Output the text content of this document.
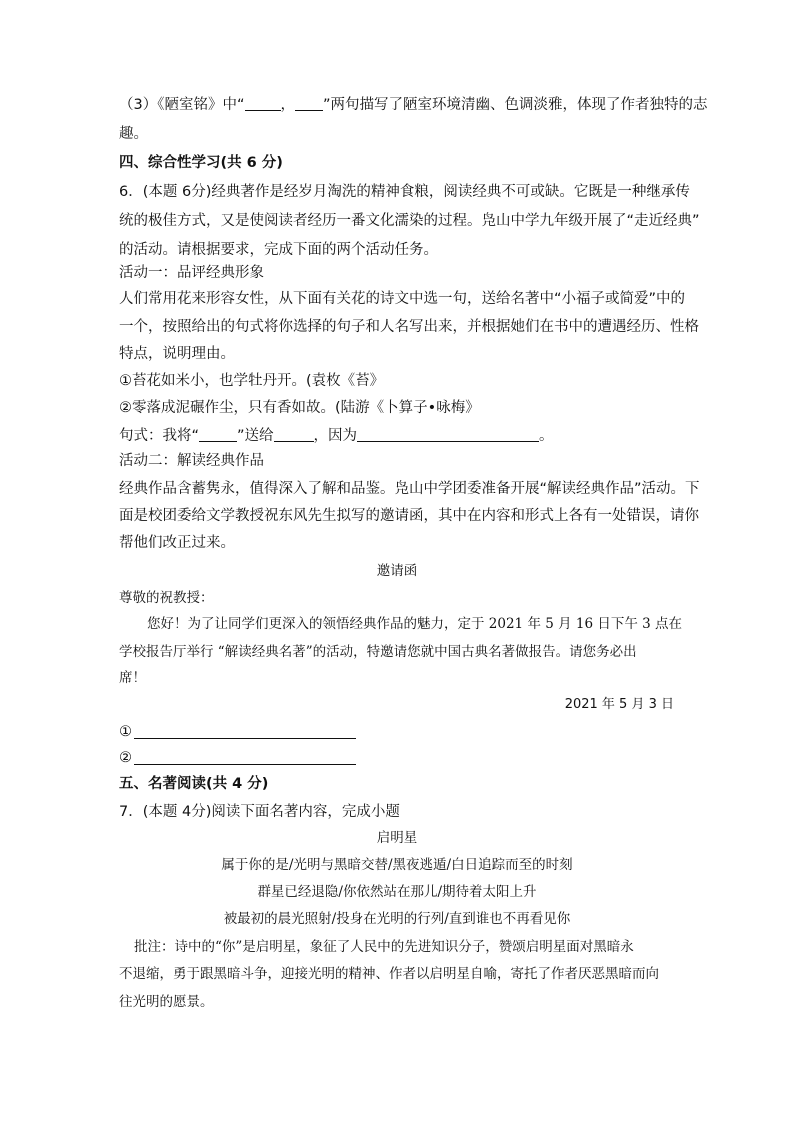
（3）《陋室铭》中“ ， ”两句描写了陋室环境清幽、色调淡雅，体现了作者独特的志
趣。
四、综合性学习(共 6 分)
6．(本题 6分)经典著作是经岁月淘洗的精神食粮，阅读经典不可或缺。它既是一种继承传
统的极佳方式，又是使阅读者经历一番文化濡染的过程。凫山中学九年级开展了“走近经典”
的活动。请根据要求，完成下面的两个活动任务。
活动一：品评经典形象
人们常用花来形容女性，从下面有关花的诗文中选一句，送给名著中“小福子或简爱”中的
一个，按照给出的句式将你选择的句子和人名写出来，并根据她们在书中的遭遇经历、性格
特点，说明理由。
①苔花如米小，也学牡丹开。(袁枚《苔》
②零落成泥碾作尘，只有香如故。(陆游《卜算子•咏梅》
句式：我将“	”送给	，因为	。
活动二：解读经典作品
经典作品含蓄隽永，值得深入了解和品鉴。凫山中学团委准备开展“解读经典作品”活动。下
面是校团委给文学教授祝东风先生拟写的邀请函，其中在内容和形式上各有一处错误，请你
帮他们改正过来。
邀请函
尊敬的祝教授：
您好！为了让同学们更深入的领悟经典作品的魅力，定于 2021 年 5 月 16 日下午 3 点在
学校报告厅举行 “解读经典名著”的活动，特邀请您就中国古典名著做报告。请您务必出
席！
2021 年 5 月 3 日
①
②
五、名著阅读(共 4 分)
7．(本题 4分)阅读下面名著内容，完成小题
启明星
属于你的是/光明与黑暗交替/黑夜逃遁/白日追踪而至的时刻
群星已经退隐/你依然站在那儿/期待着太阳上升
被最初的晨光照射/投身在光明的行列/直到谁也不再看见你
批注：诗中的“你”是启明星，象征了人民中的先进知识分子，赞颂启明星面对黑暗永
不退缩，勇于跟黑暗斗争，迎接光明的精神、作者以启明星自喻，寄托了作者厌恶黑暗而向
往光明的愿景。
